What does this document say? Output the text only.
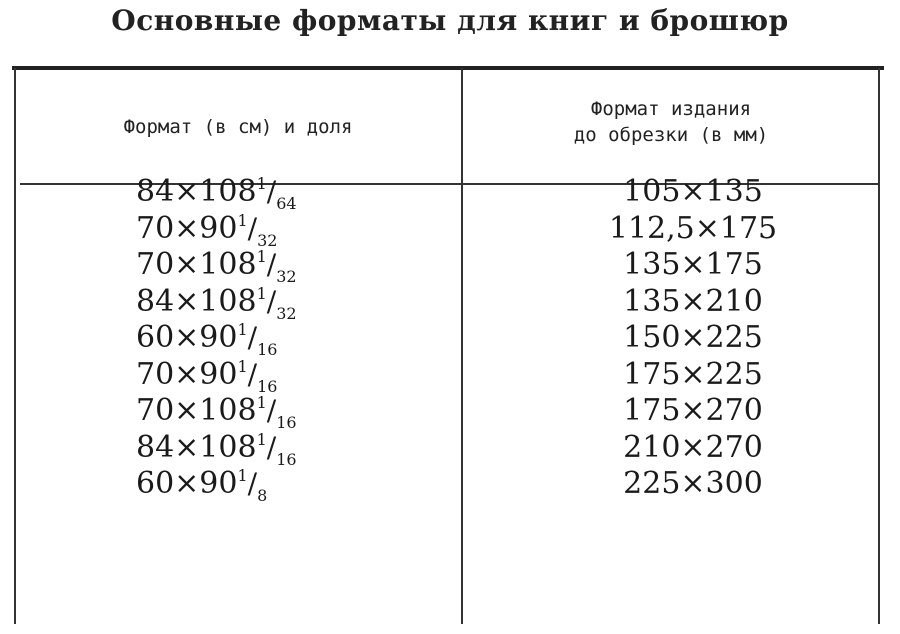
Основные форматы для книг и брошюр
Формат (в см) и доля
Формат издания
до обрезки (в мм)
$84\times 108^1/_{64}$
$70\times 90^1/_{32}$
$70\times 108^1/_{32}$
$84\times 108^1/_{32}$
$60\times 90^1/_{16}$
$70\times 90^1/_{16}$
$70\times 108^1/_{16}$
$84\times 108^1/_{16}$
$60\times 90^1/_8$
105×135
112,5×175
135×175
135×210
150×225
175×225
175×270
210×270
225×300
